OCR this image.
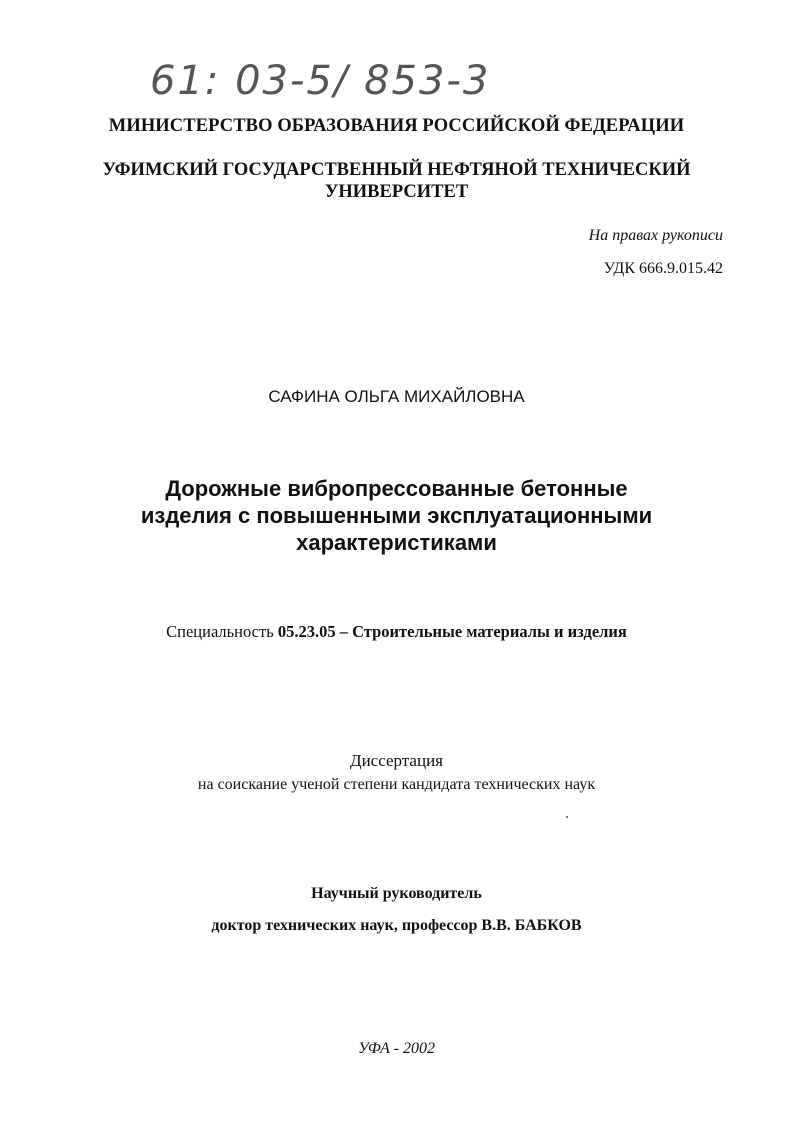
61: 03-5/ 853-3
МИНИСТЕРСТВО ОБРАЗОВАНИЯ РОССИЙСКОЙ ФЕДЕРАЦИИ
УФИМСКИЙ ГОСУДАРСТВЕННЫЙ НЕФТЯНОЙ ТЕХНИЧЕСКИЙ
УНИВЕРСИТЕТ
На правах рукописи
УДК 666.9.015.42
САФИНА ОЛЬГА МИХАЙЛОВНА
Дорожные вибропрессованные бетонные
изделия с повышенными эксплуатационными
характеристиками
Специальность 05.23.05 – Строительные материалы и изделия
Диссертация
на соискание ученой степени кандидата технических наук
Научный руководитель
доктор технических наук, профессор В.В. БАБКОВ
УФА - 2002
